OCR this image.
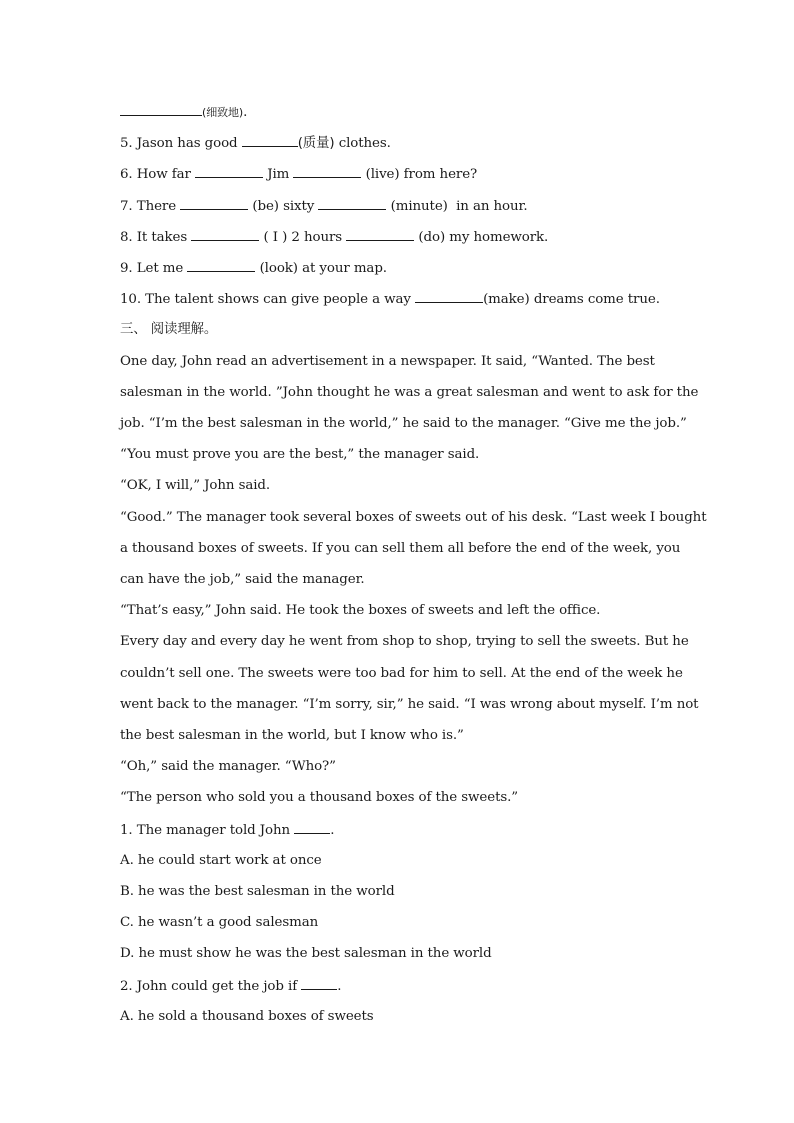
(细致地).
5. Jason has good	(质量) clothes.
6. How far	Jim	(live) from here?
7. There	(be) sixty	(minute) in an hour.
8. It takes	( I ) 2 hours	(do) my homework.
9. Let me	(look) at your map.
10. The talent shows can give people a way	(make) dreams come true.
三、 阅读理解。
One day, John read an advertisement in a newspaper. It said, “Wanted. The best
salesman in the world. ”John thought he was a great salesman and went to ask for the
job. “I’m the best salesman in the world,” he said to the manager. “Give me the job.”
“You must prove you are the best,” the manager said.
“OK, I will,” John said.
“Good.” The manager took several boxes of sweets out of his desk. “Last week I bought
a thousand boxes of sweets. If you can sell them all before the end of the week, you
can have the job,” said the manager.
“That’s easy,” John said. He took the boxes of sweets and left the office.
Every day and every day he went from shop to shop, trying to sell the sweets. But he
couldn’t sell one. The sweets were too bad for him to sell. At the end of the week he
went back to the manager. “I’m sorry, sir,” he said. “I was wrong about myself. I’m not
the best salesman in the world, but I know who is.”
“Oh,” said the manager. “Who?”
“The person who sold you a thousand boxes of the sweets.”
1. The manager told John	.
A. he could start work at once
B. he was the best salesman in the world
C. he wasn’t a good salesman
D. he must show he was the best salesman in the world
2. John could get the job if	.
A. he sold a thousand boxes of sweets
